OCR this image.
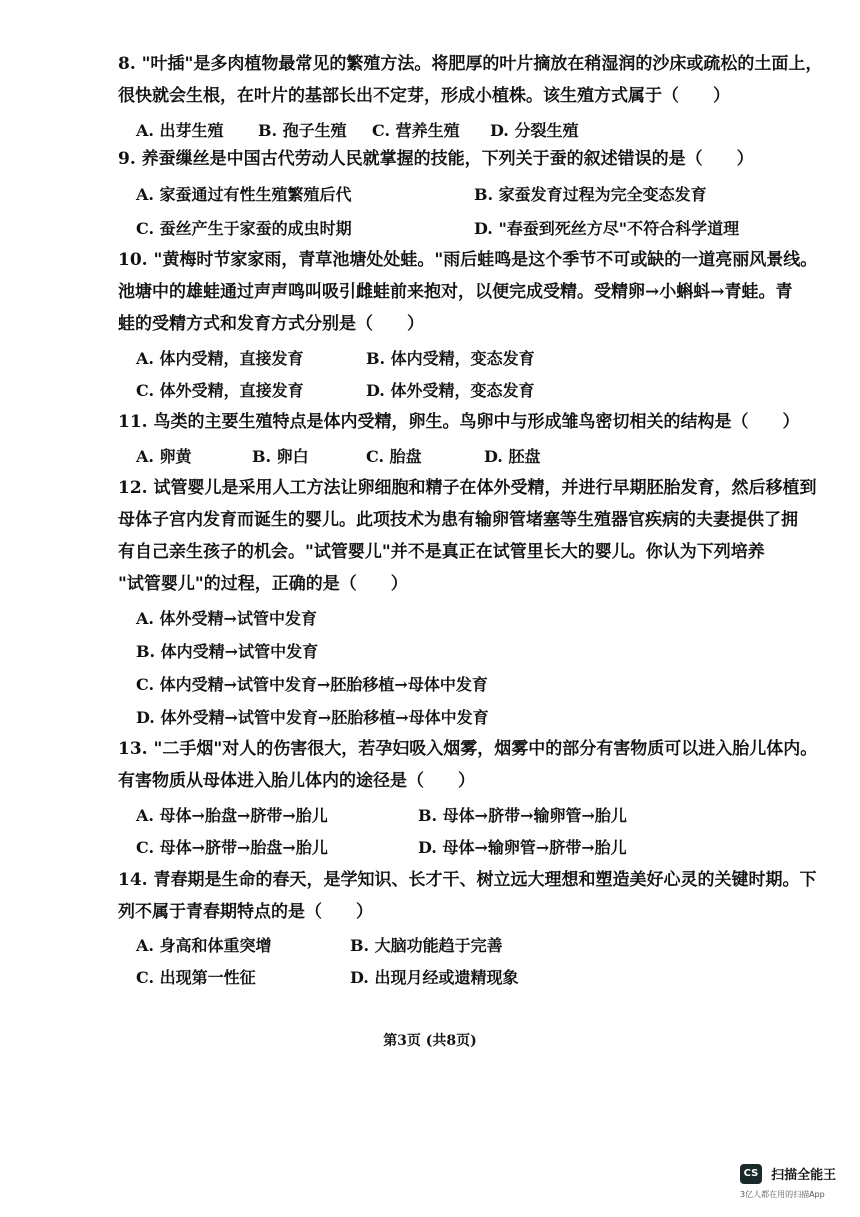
8. "叶插"是多肉植物最常见的繁殖方法。将肥厚的叶片摘放在稍湿润的沙床或疏松的土面上，
很快就会生根，在叶片的基部长出不定芽，形成小植株。该生殖方式属于（　　）
A. 出芽生殖 B. 孢子生殖 C. 营养生殖 D. 分裂生殖
9. 养蚕缫丝是中国古代劳动人民就掌握的技能，下列关于蚕的叙述错误的是（　　）
A. 家蚕通过有性生殖繁殖后代	B. 家蚕发育过程为完全变态发育
C. 蚕丝产生于家蚕的成虫时期	D. "春蚕到死丝方尽"不符合科学道理
10. "黄梅时节家家雨，青草池塘处处蛙。"雨后蛙鸣是这个季节不可或缺的一道亮丽风景线。
池塘中的雄蛙通过声声鸣叫吸引雌蛙前来抱对，以便完成受精。受精卵→小蝌蚪→青蛙。青
蛙的受精方式和发育方式分别是（　　）
A. 体内受精，直接发育	B. 体内受精，变态发育
C. 体外受精，直接发育	D. 体外受精，变态发育
11. 鸟类的主要生殖特点是体内受精，卵生。鸟卵中与形成雏鸟密切相关的结构是（　　）
A. 卵黄	B. 卵白	C. 胎盘	D. 胚盘
12. 试管婴儿是采用人工方法让卵细胞和精子在体外受精，并进行早期胚胎发育，然后移植到
母体子宫内发育而诞生的婴儿。此项技术为患有输卵管堵塞等生殖器官疾病的夫妻提供了拥
有自己亲生孩子的机会。"试管婴儿"并不是真正在试管里长大的婴儿。你认为下列培养
"试管婴儿"的过程，正确的是（　　）
A. 体外受精→试管中发育
B. 体内受精→试管中发育
C. 体内受精→试管中发育→胚胎移植→母体中发育
D. 体外受精→试管中发育→胚胎移植→母体中发育
13. "二手烟"对人的伤害很大，若孕妇吸入烟雾，烟雾中的部分有害物质可以进入胎儿体内。
有害物质从母体进入胎儿体内的途径是（　　）
A. 母体→胎盘→脐带→胎儿	B. 母体→脐带→输卵管→胎儿
C. 母体→脐带→胎盘→胎儿	D. 母体→输卵管→脐带→胎儿
14. 青春期是生命的春天，是学知识、长才干、树立远大理想和塑造美好心灵的关键时期。下
列不属于青春期特点的是（　　）
A. 身高和体重突增	B. 大脑功能趋于完善
C. 出现第一性征	D. 出现月经或遗精现象
第3页 (共8页)
CS 扫描全能王
3亿人都在用的扫描App
